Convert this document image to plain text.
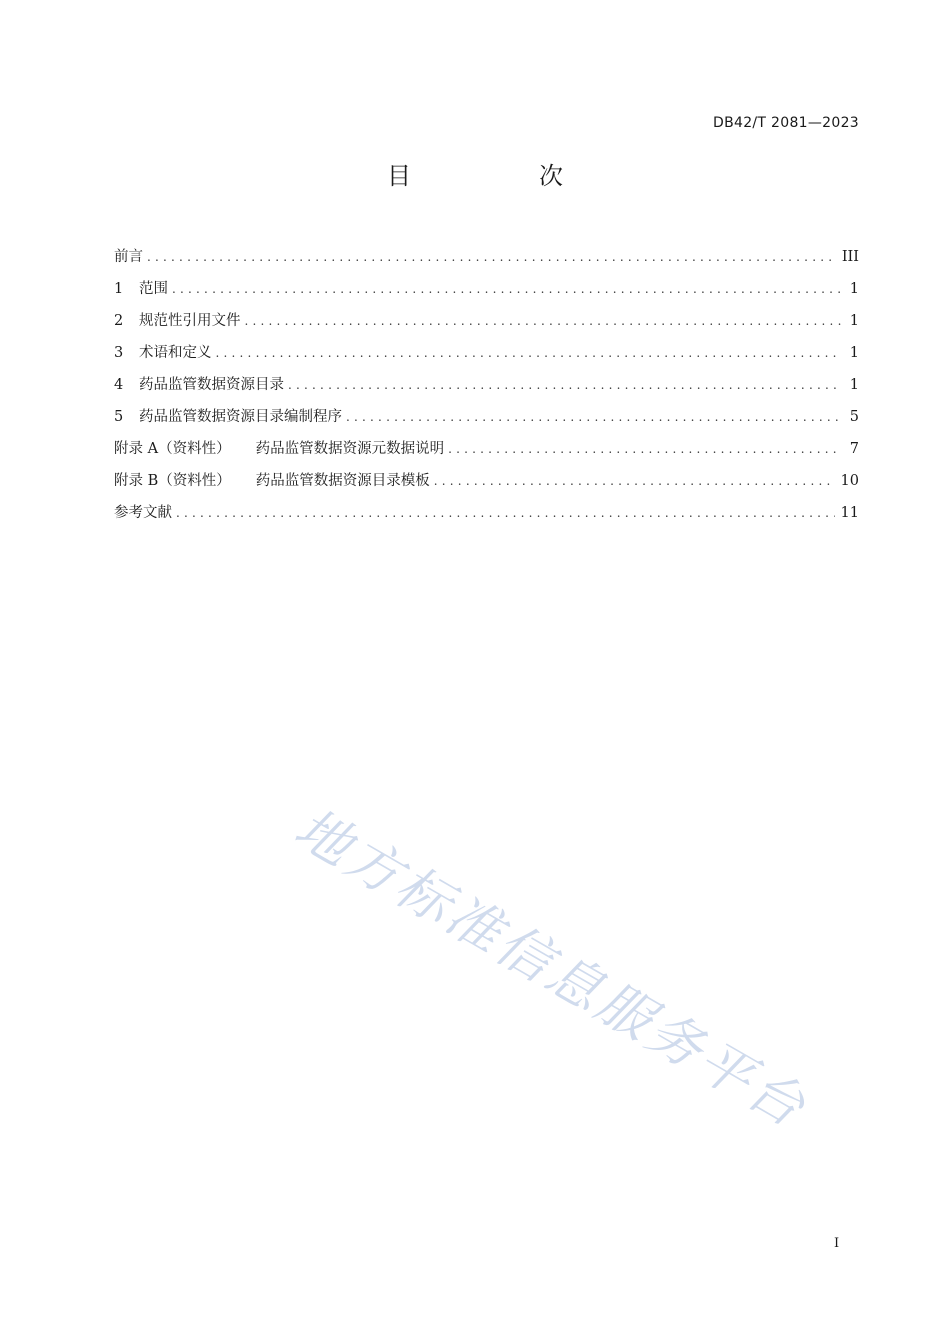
DB42/T 2081—2023
目　次
前言 .....	III
1	范围 .....	1
2	规范性引用文件 .....	1
3	术语和定义 .....	1
4	药品监管数据资源目录 .....	1
5	药品监管数据资源目录编制程序 .....	5
附录 A（资料性） 药品监管数据资源元数据说明 .....	7
附录 B（资料性） 药品监管数据资源目录模板 .....	10
参考文献 .....	11
地方标准信息服务平台
I
